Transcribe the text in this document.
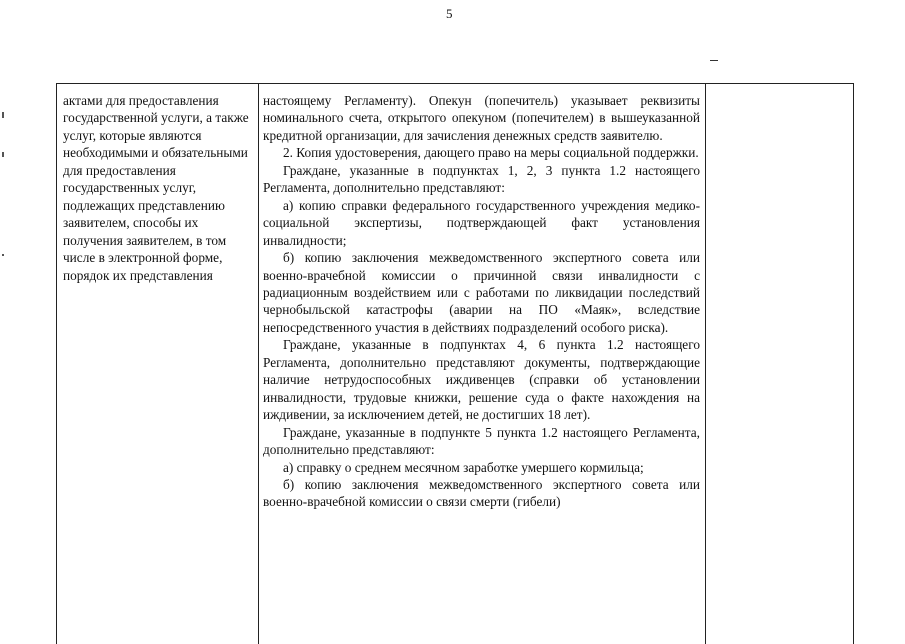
5
актами для предоставления государственной услуги, а также услуг, которые являются необходимыми и обязательными для предоставления государственных услуг, подлежащих представлению заявителем, способы их получения заявителем, в том числе в электронной форме, порядок их представления

настоящему Регламенту). Опекун (попечитель) указывает реквизиты номинального счета, открытого опекуном (попечителем) в вышеуказанной кредитной организации, для зачисления денежных средств заявителю.

2. Копия удостоверения, дающего право на меры социальной поддержки.

Граждане, указанные в подпунктах 1, 2, 3 пункта 1.2 настоящего Регламента, дополнительно представляют:

а) копию справки федерального государственного учреждения медико-социальной экспертизы, подтверждающей факт установления инвалидности;

б) копию заключения межведомственного экспертного совета или военно-врачебной комиссии о причинной связи инвалидности с радиационным воздействием или с работами по ликвидации последствий чернобыльской катастрофы (аварии на ПО «Маяк», вследствие непосредственного участия в действиях подразделений особого риска).

Граждане, указанные в подпунктах 4, 6 пункта 1.2 настоящего Регламента, дополнительно представляют документы, подтверждающие наличие нетрудоспособных иждивенцев (справки об установлении инвалидности, трудовые книжки, решение суда о факте нахождения на иждивении, за исключением детей, не достигших 18 лет).

Граждане, указанные в подпункте 5 пункта 1.2 настоящего Регламента, дополнительно представляют:

а) справку о среднем месячном заработке умершего кормильца;

б) копию заключения межведомственного экспертного совета или военно-врачебной комиссии о связи смерти (гибели)
